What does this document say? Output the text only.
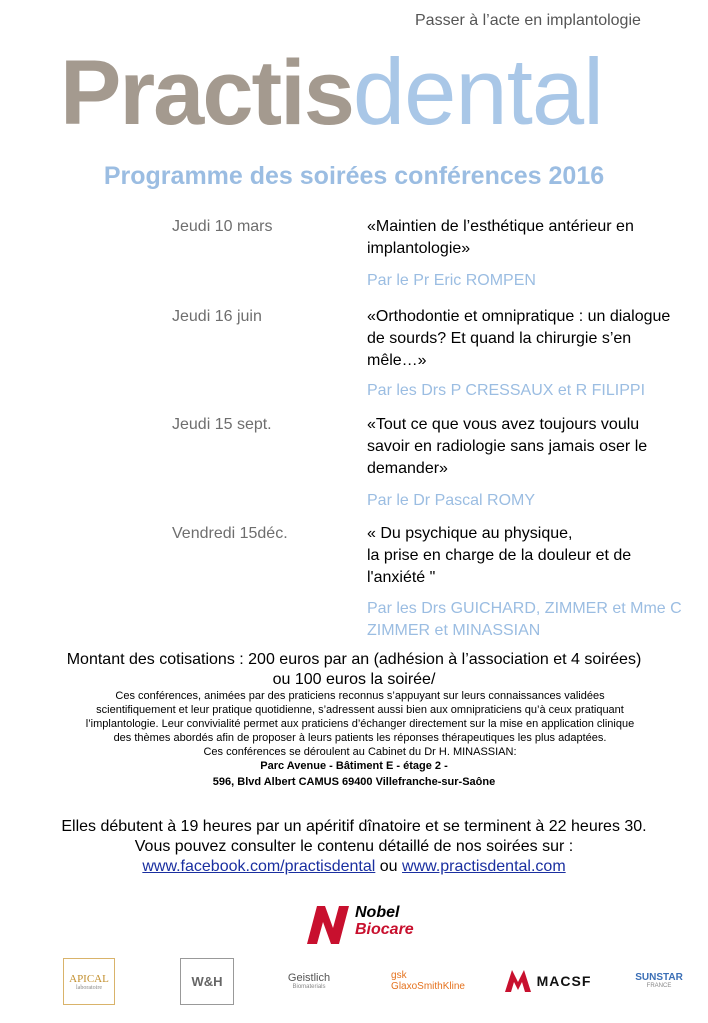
Passer à l’acte en implantologie
Practisdental
Programme des soirées conférences 2016
Jeudi 10 mars	«Maintien de l’esthétique antérieur en
implantologie»
Par le Pr Eric ROMPEN
Jeudi 16 juin	«Orthodontie et omnipratique : un dialogue
de sourds? Et quand la chirurgie s’en
mêle…»
Par les Drs P CRESSAUX et R FILIPPI
Jeudi 15 sept.	«Tout ce que vous avez toujours voulu
savoir en radiologie sans jamais oser le
demander»
Par le Dr Pascal ROMY
Vendredi 15déc.	« Du psychique au physique,
la prise en charge de la douleur et de
l'anxiété "
Par les Drs GUICHARD, ZIMMER et Mme C
ZIMMER et MINASSIAN
Montant des cotisations : 200 euros par an (adhésion à l’association et 4 soirées)
ou 100 euros la soirée/
Ces conférences, animées par des praticiens reconnus s’appuyant sur leurs connaissances validées
scientifiquement et leur pratique quotidienne, s’adressent aussi bien aux omnipraticiens qu’à ceux pratiquant
l’implantologie. Leur convivialité permet aux praticiens d’échanger directement sur la mise en application clinique
des thèmes abordés afin de proposer à leurs patients les réponses thérapeutiques les plus adaptées.
Ces conférences se déroulent au Cabinet du Dr H. MINASSIAN:
Parc Avenue - Bâtiment E - étage 2 -
596, Blvd Albert CAMUS 69400 Villefranche-sur-Saône
Elles débutent à 19 heures par un apéritif dînatoire et se terminent à 22 heures 30.
Vous pouvez consulter le contenu détaillé de nos soirées sur :
www.facebook.com/practisdental ou www.practisdental.com
Nobel
Biocare
APICAL
laboratoire	W&H	Geistlich
Biomaterials
gsk GlaxoSmithKline	MACSF	SUNSTAR
FRANCE
